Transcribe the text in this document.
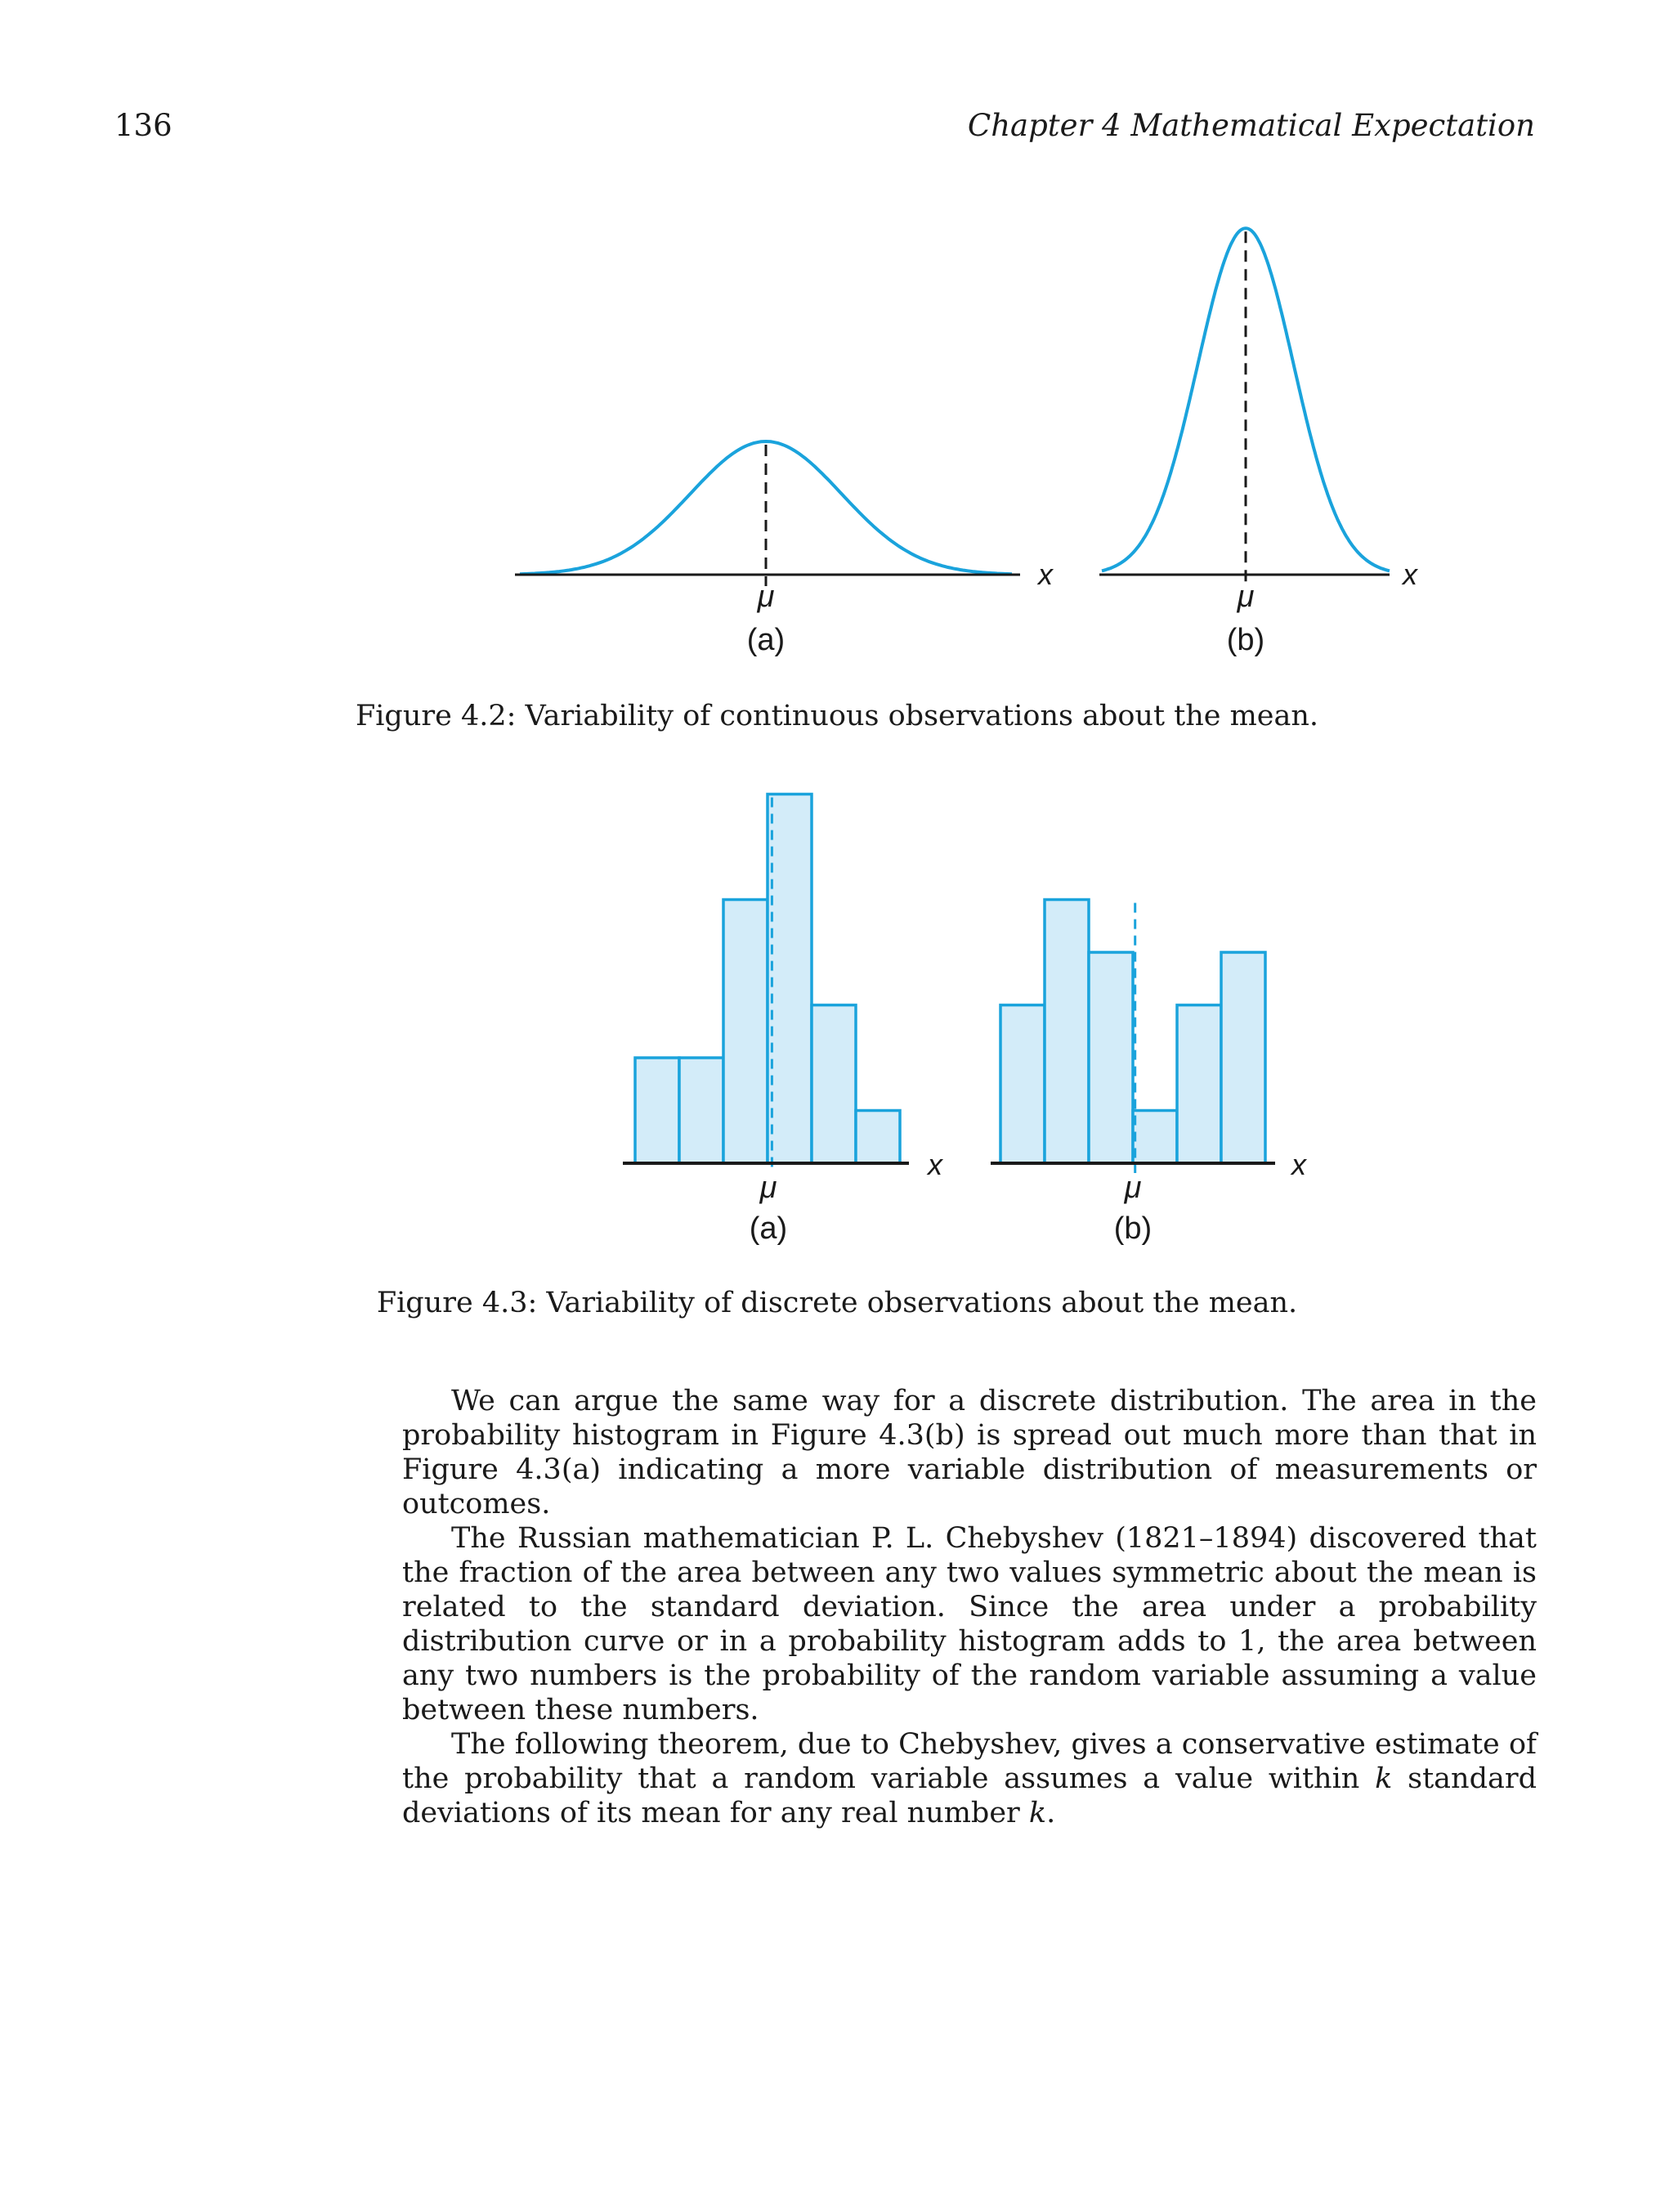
136	Chapter 4 Mathematical Expectation
x
μ
(a)
x
μ
(b)
Figure 4.2: Variability of continuous observations about the mean.
x
μ
(a)
x
μ
(b)
Figure 4.3: Variability of discrete observations about the mean.

We can argue the same way for a discrete distribution. The area in the probability histogram in Figure 4.3(b) is spread out much more than that in Figure 4.3(a) indicating a more variable distribution of measurements or outcomes.

The Russian mathematician P. L. Chebyshev (1821–1894) discovered that the fraction of the area between any two values symmetric about the mean is related to the standard deviation. Since the area under a probability distribution curve or in a probability histogram adds to 1, the area between any two numbers is the probability of the random variable assuming a value between these numbers.

The following theorem, due to Chebyshev, gives a conservative estimate of the probability that a random variable assumes a value within k standard deviations of its mean for any real number k.
